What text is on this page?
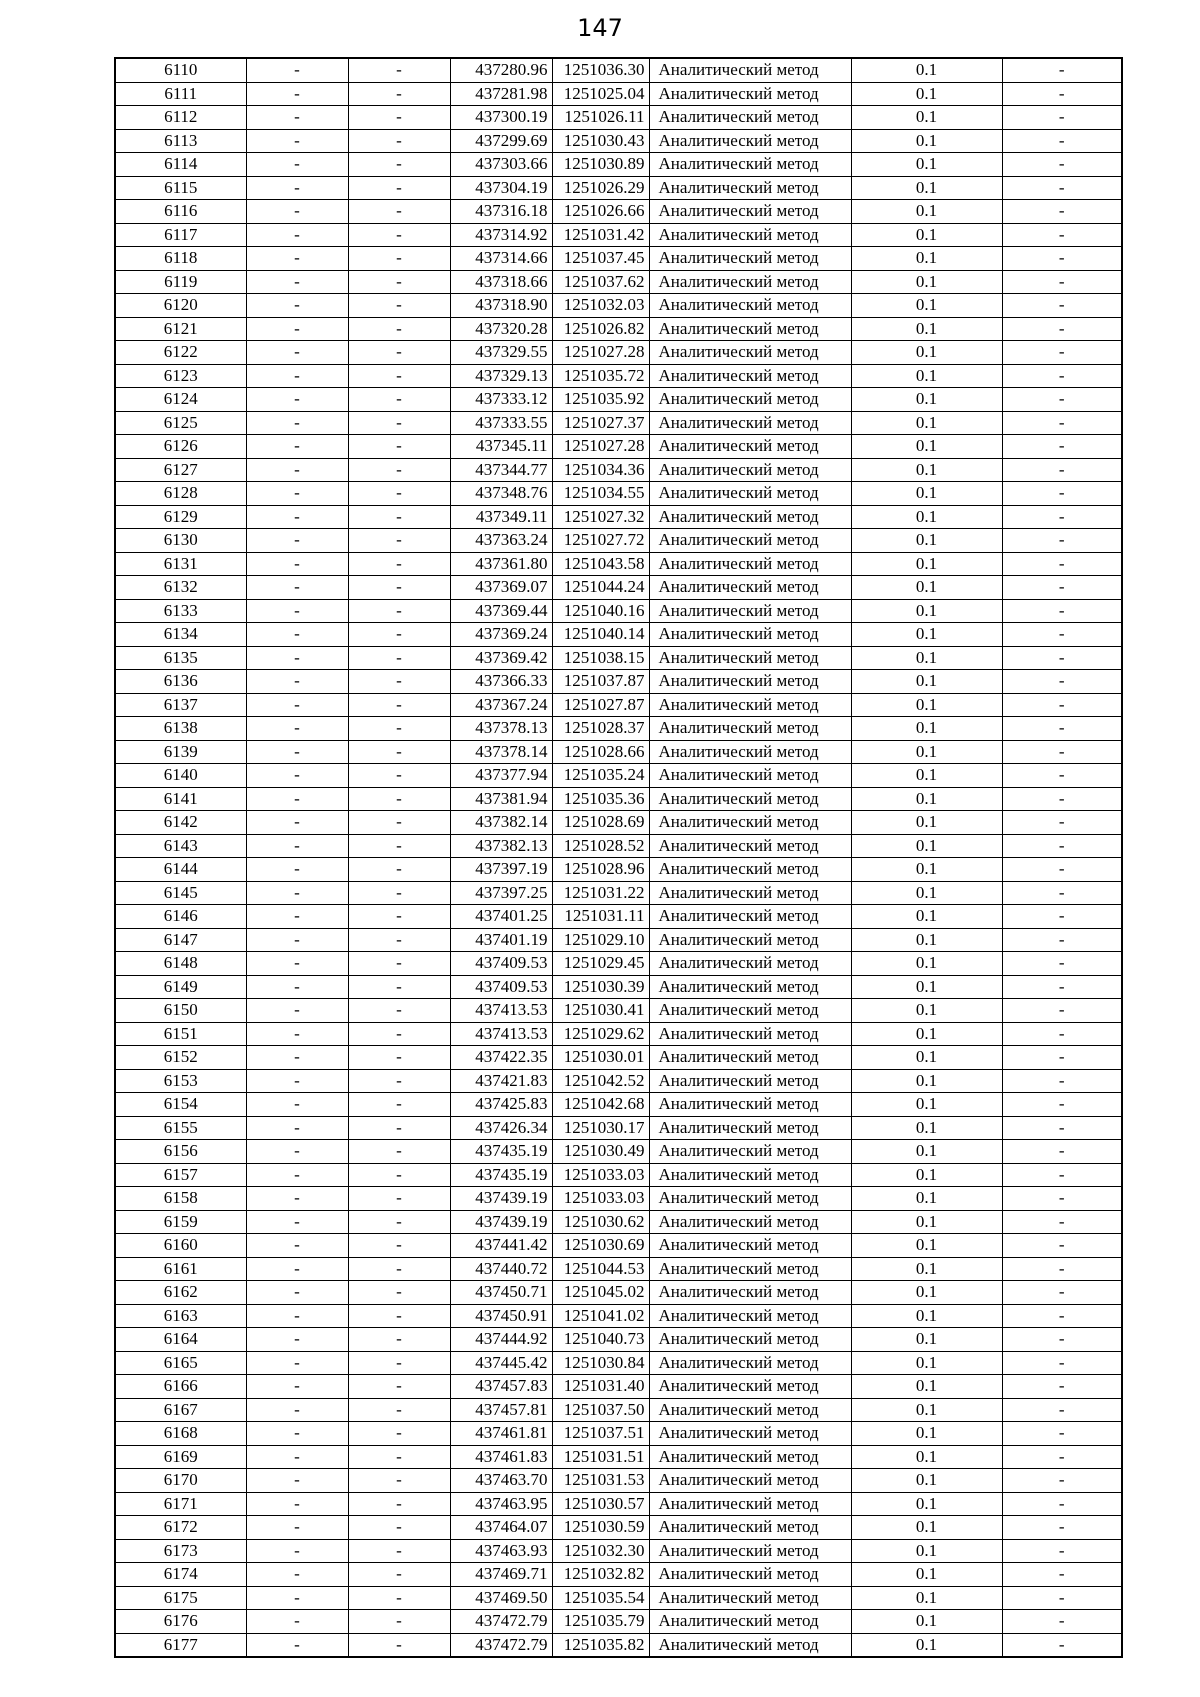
147
6110	-	-	437280.96	1251036.30	Аналитический метод	0.1	-
6111	-	-	437281.98	1251025.04	Аналитический метод	0.1	-
6112	-	-	437300.19	1251026.11	Аналитический метод	0.1	-
6113	-	-	437299.69	1251030.43	Аналитический метод	0.1	-
6114	-	-	437303.66	1251030.89	Аналитический метод	0.1	-
6115	-	-	437304.19	1251026.29	Аналитический метод	0.1	-
6116	-	-	437316.18	1251026.66	Аналитический метод	0.1	-
6117	-	-	437314.92	1251031.42	Аналитический метод	0.1	-
6118	-	-	437314.66	1251037.45	Аналитический метод	0.1	-
6119	-	-	437318.66	1251037.62	Аналитический метод	0.1	-
6120	-	-	437318.90	1251032.03	Аналитический метод	0.1	-
6121	-	-	437320.28	1251026.82	Аналитический метод	0.1	-
6122	-	-	437329.55	1251027.28	Аналитический метод	0.1	-
6123	-	-	437329.13	1251035.72	Аналитический метод	0.1	-
6124	-	-	437333.12	1251035.92	Аналитический метод	0.1	-
6125	-	-	437333.55	1251027.37	Аналитический метод	0.1	-
6126	-	-	437345.11	1251027.28	Аналитический метод	0.1	-
6127	-	-	437344.77	1251034.36	Аналитический метод	0.1	-
6128	-	-	437348.76	1251034.55	Аналитический метод	0.1	-
6129	-	-	437349.11	1251027.32	Аналитический метод	0.1	-
6130	-	-	437363.24	1251027.72	Аналитический метод	0.1	-
6131	-	-	437361.80	1251043.58	Аналитический метод	0.1	-
6132	-	-	437369.07	1251044.24	Аналитический метод	0.1	-
6133	-	-	437369.44	1251040.16	Аналитический метод	0.1	-
6134	-	-	437369.24	1251040.14	Аналитический метод	0.1	-
6135	-	-	437369.42	1251038.15	Аналитический метод	0.1	-
6136	-	-	437366.33	1251037.87	Аналитический метод	0.1	-
6137	-	-	437367.24	1251027.87	Аналитический метод	0.1	-
6138	-	-	437378.13	1251028.37	Аналитический метод	0.1	-
6139	-	-	437378.14	1251028.66	Аналитический метод	0.1	-
6140	-	-	437377.94	1251035.24	Аналитический метод	0.1	-
6141	-	-	437381.94	1251035.36	Аналитический метод	0.1	-
6142	-	-	437382.14	1251028.69	Аналитический метод	0.1	-
6143	-	-	437382.13	1251028.52	Аналитический метод	0.1	-
6144	-	-	437397.19	1251028.96	Аналитический метод	0.1	-
6145	-	-	437397.25	1251031.22	Аналитический метод	0.1	-
6146	-	-	437401.25	1251031.11	Аналитический метод	0.1	-
6147	-	-	437401.19	1251029.10	Аналитический метод	0.1	-
6148	-	-	437409.53	1251029.45	Аналитический метод	0.1	-
6149	-	-	437409.53	1251030.39	Аналитический метод	0.1	-
6150	-	-	437413.53	1251030.41	Аналитический метод	0.1	-
6151	-	-	437413.53	1251029.62	Аналитический метод	0.1	-
6152	-	-	437422.35	1251030.01	Аналитический метод	0.1	-
6153	-	-	437421.83	1251042.52	Аналитический метод	0.1	-
6154	-	-	437425.83	1251042.68	Аналитический метод	0.1	-
6155	-	-	437426.34	1251030.17	Аналитический метод	0.1	-
6156	-	-	437435.19	1251030.49	Аналитический метод	0.1	-
6157	-	-	437435.19	1251033.03	Аналитический метод	0.1	-
6158	-	-	437439.19	1251033.03	Аналитический метод	0.1	-
6159	-	-	437439.19	1251030.62	Аналитический метод	0.1	-
6160	-	-	437441.42	1251030.69	Аналитический метод	0.1	-
6161	-	-	437440.72	1251044.53	Аналитический метод	0.1	-
6162	-	-	437450.71	1251045.02	Аналитический метод	0.1	-
6163	-	-	437450.91	1251041.02	Аналитический метод	0.1	-
6164	-	-	437444.92	1251040.73	Аналитический метод	0.1	-
6165	-	-	437445.42	1251030.84	Аналитический метод	0.1	-
6166	-	-	437457.83	1251031.40	Аналитический метод	0.1	-
6167	-	-	437457.81	1251037.50	Аналитический метод	0.1	-
6168	-	-	437461.81	1251037.51	Аналитический метод	0.1	-
6169	-	-	437461.83	1251031.51	Аналитический метод	0.1	-
6170	-	-	437463.70	1251031.53	Аналитический метод	0.1	-
6171	-	-	437463.95	1251030.57	Аналитический метод	0.1	-
6172	-	-	437464.07	1251030.59	Аналитический метод	0.1	-
6173	-	-	437463.93	1251032.30	Аналитический метод	0.1	-
6174	-	-	437469.71	1251032.82	Аналитический метод	0.1	-
6175	-	-	437469.50	1251035.54	Аналитический метод	0.1	-
6176	-	-	437472.79	1251035.79	Аналитический метод	0.1	-
6177	-	-	437472.79	1251035.82	Аналитический метод	0.1	-
